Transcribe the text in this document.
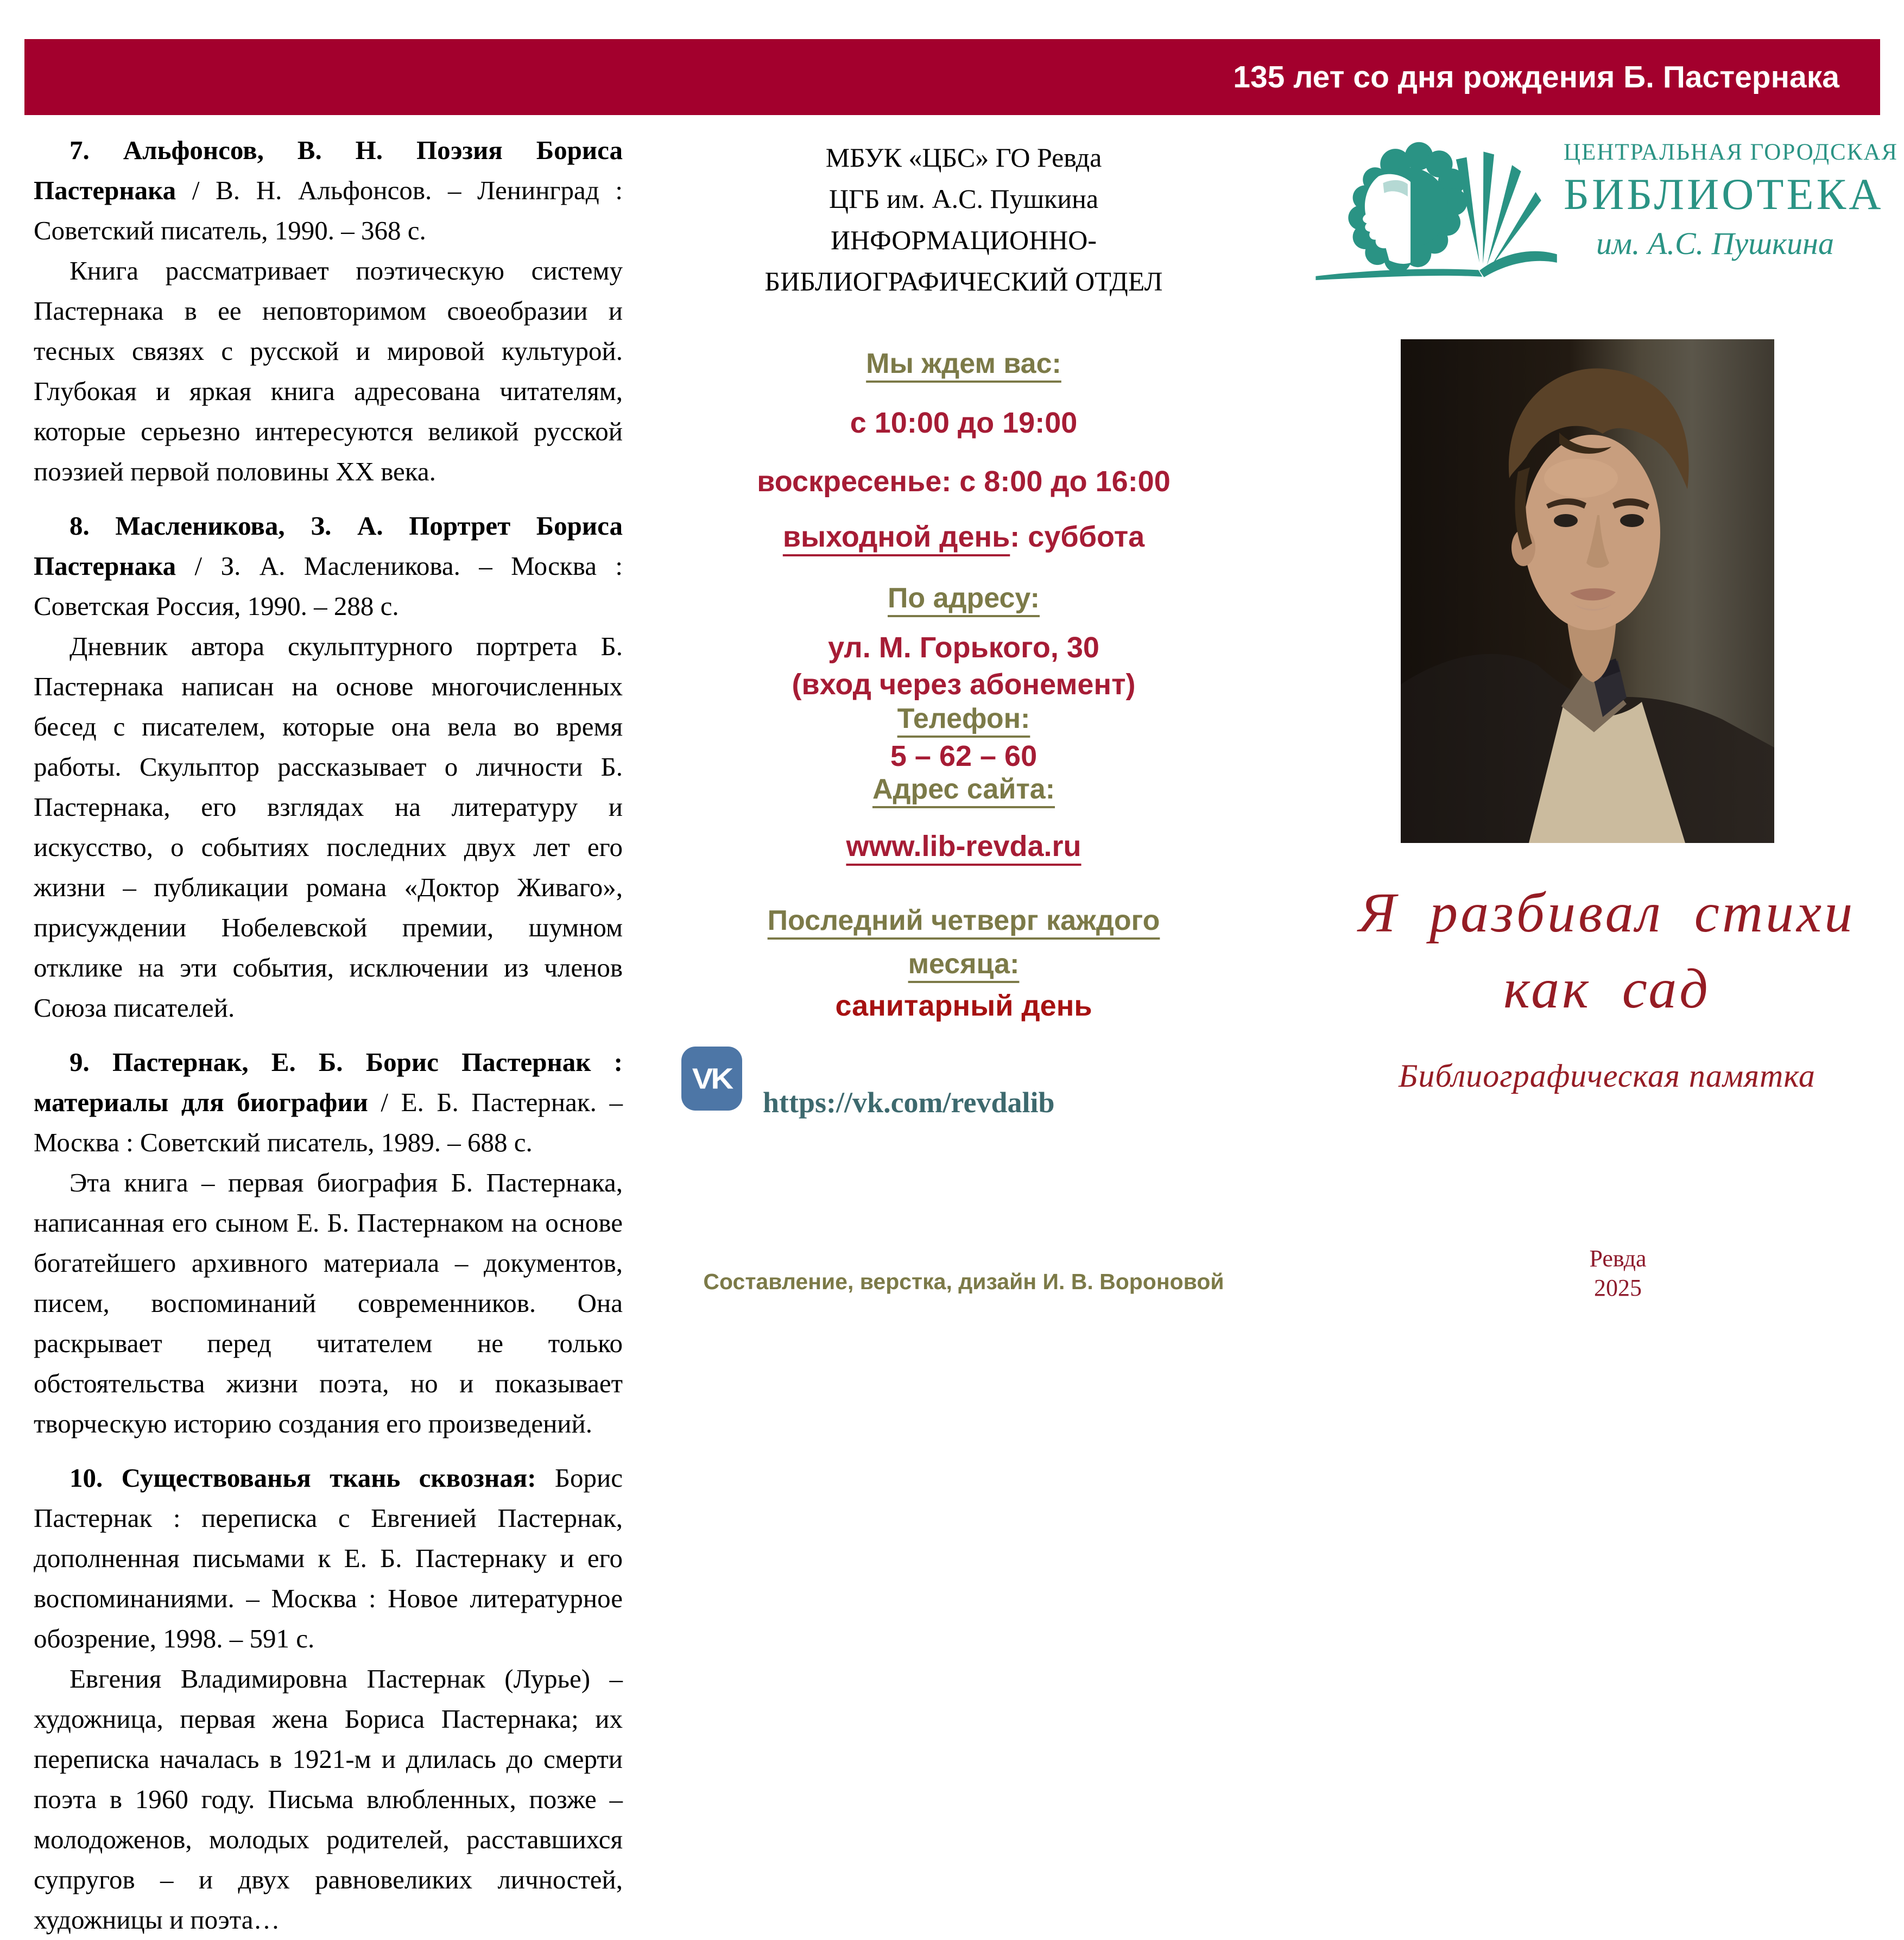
135 лет со дня рождения Б. Пастернака

7. Альфонсов, В. Н. Поэзия Бориса Пастернака / В. Н. Альфонсов. – Ленинград : Советский писатель, 1990. – 368 с.

Книга рассматривает поэтическую систему Пастернака в ее неповторимом своеобразии и тесных связях с русской и мировой культурой. Глубокая и яркая книга адресована читателям, которые серьезно интересуются великой русской поэзией первой половины XX века.

8. Масленикова, З. А. Портрет Бориса Пастернака / З. А. Масленикова. – Москва : Советская Россия, 1990. – 288 с.

Дневник автора скульптурного портрета Б. Пастернака написан на основе многочисленных бесед с писателем, которые она вела во время работы. Скульптор рассказывает о личности Б. Пастернака, его взглядах на литературу и искусство, о событиях последних двух лет его жизни – публикации романа «Доктор Живаго», присуждении Нобелевской премии, шумном отклике на эти события, исключении из членов Союза писателей.

9. Пастернак, Е. Б. Борис Пастернак : материалы для биографии / Е. Б. Пастернак. – Москва : Советский писатель, 1989. – 688 с.

Эта книга – первая биография Б. Пастернака, написанная его сыном Е. Б. Пастернаком на основе богатейшего архивного материала – документов, писем, воспоминаний современников. Она раскрывает перед читателем не только обстоятельства жизни поэта, но и показывает творческую историю создания его произведений.

10. Существованья ткань сквозная: Борис Пастернак : переписка с Евгенией Пастернак, дополненная письмами к Е. Б. Пастернаку и его воспоминаниями. – Москва : Новое литературное обозрение, 1998. – 591 с.

Евгения Владимировна Пастернак (Лурье) – художница, первая жена Бориса Пастернака; их переписка началась в 1921-м и длилась до смерти поэта в 1960 году. Письма влюбленных, позже – молодоженов, молодых родителей, расставшихся супругов – и двух равновеликих личностей, художницы и поэта…

МБУК «ЦБС» ГО Ревда
ЦГБ им. А.С. Пушкина
ИНФОРМАЦИОННО-
БИБЛИОГРАФИЧЕСКИЙ ОТДЕЛ
Мы ждем вас:
с 10:00 до 19:00
воскресенье: с 8:00 до 16:00
выходной день: суббота
По адресу:
ул. М. Горького, 30
(вход через абонемент)
Телефон:
5 – 62 – 60
Адрес сайта:
www.lib-revda.ru
Последний четверг каждого
месяца:
санитарный день
VK
https://vk.com/revdalib
Составление, верстка, дизайн И. В. Вороновой
ЦЕНТРАЛЬНАЯ ГОРОДСКАЯ
БИБЛИОТЕКА
им. А.С. Пушкина
Я разбивал стихи
как сад
Библиографическая памятка
Ревда
2025
